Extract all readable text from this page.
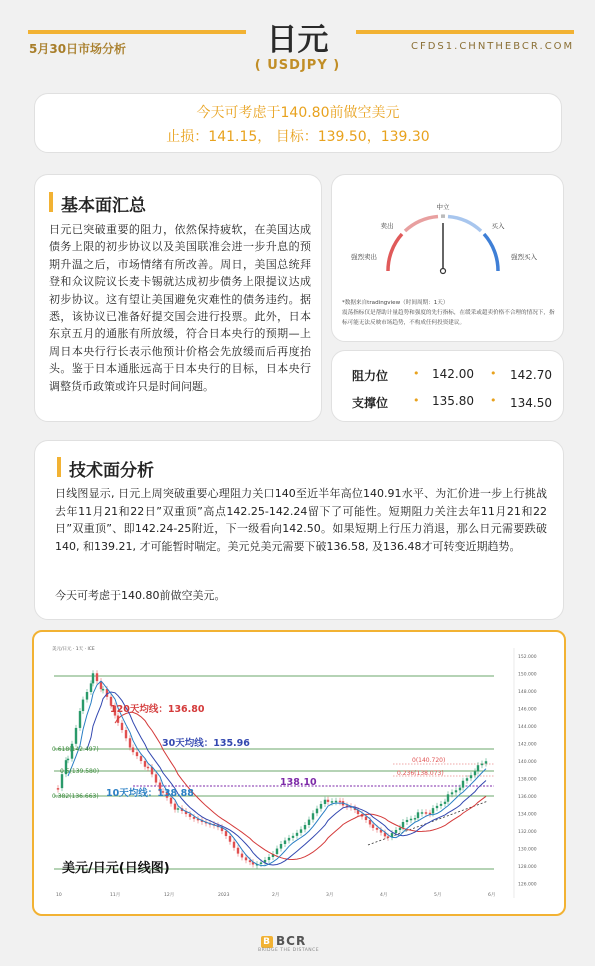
5月30日市场分析	CFDS1.CHNTHEBCR.COM
日元
( USDJPY )
今天可考虑于140.80前做空美元
止损：141.15， 目标：139.50，139.30
基本面汇总
日元已突破重要的阻力，依然保持疲软，在美国达成债务上限的初步协议以及美国联准会进一步升息的预期升温之后，市场情绪有所改善。周日，美国总统拜登和众议院议长麦卡锡就达成初步债务上限提议达成初步协议。这有望让美国避免灾难性的债务违约。据悉，该协议已准备好提交国会进行投票。此外，日本东京五月的通胀有所放缓，符合日本央行的预期—上周日本央行行长表示他预计价格会先放缓而后再度抬头。鉴于日本通胀远高于日本央行的目标，日本央行调整货币政策或许只是时间问题。
中立
卖出	买入
强烈卖出	强烈买入
*数据来自tradingview（时间周期：1天）
震荡指标仅是帮助计量趋势和强度的先行指标，在缓采或超卖价格不合理的情况下，指标可能无法反映市场趋势，不构成任何投资建议。
阻力位 • 142.00 • 142.70
支撑位 • 135.80 • 134.50
技术面分析
日线图显示, 日元上周突破重要心理阻力关口140至近半年高位140.91水平、为汇价进一步上行挑战去年11月21和22日”双重顶”高点142.25-142.24留下了可能性。短期阻力关注去年11月21和22日”双重顶”、即142.24-25附近，下一级看向142.50。如果短期上行压力消退，那么日元需要跌破140, 和139.21, 才可能暂时喘定。美元兑美元需要下破136.58, 及136.48才可转变近期趋势。
今天可考虑于140.80前做空美元。
美元/日元 · 1天 · ICE
152.000
150.000
148.000
146.000
144.000
142.000
140.000
138.000
136.000
134.000
132.000
130.000
128.000
126.000
10	11月	12月	2023	2月	3月	4月	5月	6月
0.618(142.497)
0.5(139.580)
0.382(136.663)
0(140.720)
0.236(138.073)
120天均线：136.80
30天均线：135.96
10天均线：138.88
138.10
美元/日元(日线图)
B BCR
BRIDGE THE DISTANCE
